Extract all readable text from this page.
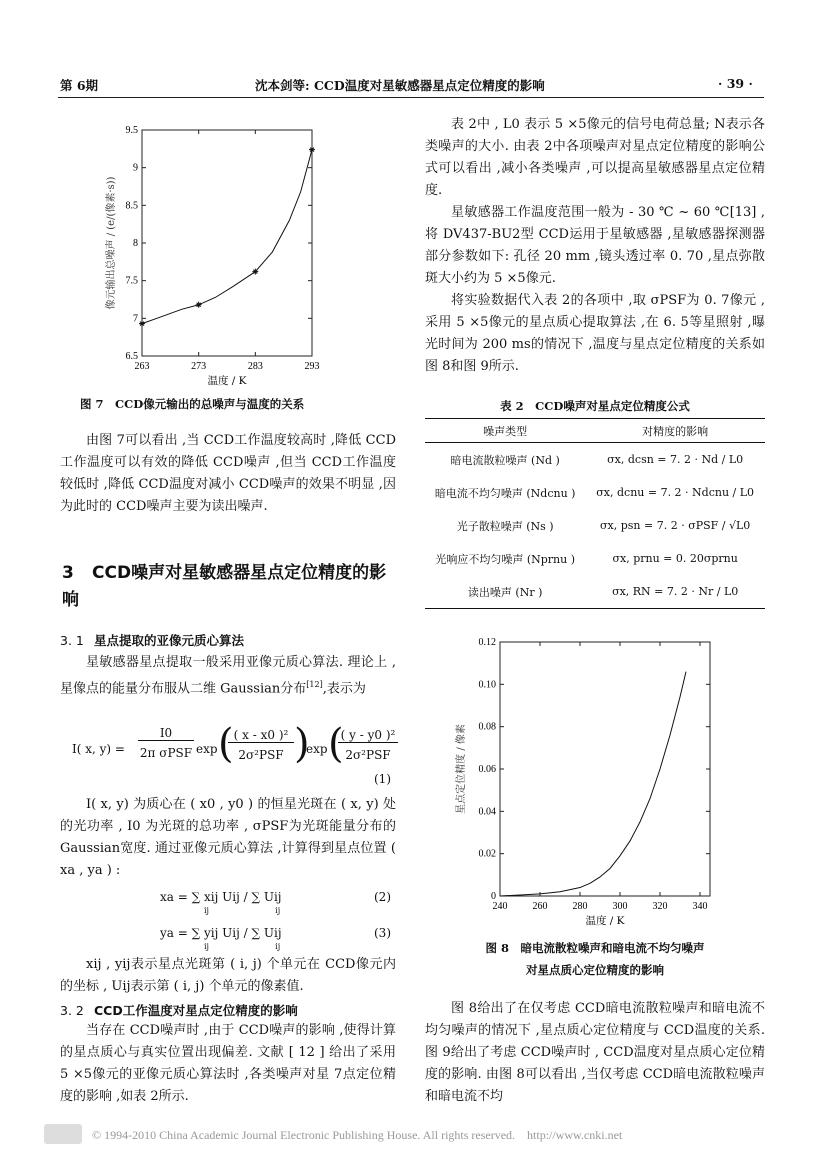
第 6期	沈本剑等: CCD温度对星敏感器星点定位精度的影响	· 39 ·
263	273	283	293
6.5
7
7.5
8
8.5
9
9.5
温度 / K
像元输出总噪声 / (e/(像素·s))
图 7　CCD像元输出的总噪声与温度的关系

由图 7可以看出 ,当 CCD工作温度较高时 ,降低 CCD工作温度可以有效的降低 CCD噪声 ,但当 CCD工作温度较低时 ,降低 CCD温度对减小 CCD噪声的效果不明显 ,因为此时的 CCD噪声主要为读出噪声.

3 CCD噪声对星敏感器星点定位精度的影响
3. 1 星点提取的亚像元质心算法

星敏感器星点提取一般采用亚像元质心算法. 理论上 ,星像点的能量分布服从二维 Gaussian分布[12],表示为

I( x, y) =
I0
2π σPSF exp ( ( x - x0 )²
2σ²PSF )
exp (
( y - y0 )²
2σ²PSF
(1)

I( x, y) 为质心在 ( x0 , y0 ) 的恒星光斑在 ( x, y) 处的光功率 , I0 为光斑的总功率 , σPSF为光斑能量分布的 Gaussian宽度. 通过亚像元质心算法 ,计算得到星点位置 ( xa , ya ) :

xa = ∑ xij Uij / ∑ Uij
ij                          ij
(2)
ya = ∑ yij Uij / ∑ Uij
ij                          ij
(3)

xij , yij表示星点光斑第 ( i, j) 个单元在 CCD像元内的坐标 , Uij表示第 ( i, j) 个单元的像素值.

3. 2 CCD工作温度对星点定位精度的影响

当存在 CCD噪声时 ,由于 CCD噪声的影响 ,使得计算的星点质心与真实位置出现偏差. 文献 [ 12 ] 给出了采用 5 ×5像元的亚像元质心算法时 ,各类噪声对星 7点定位精度的影响 ,如表 2所示.

表 2中 , L0 表示 5 ×5像元的信号电荷总量; N表示各类噪声的大小. 由表 2中各项噪声对星点定位精度的影响公式可以看出 ,减小各类噪声 ,可以提高星敏感器星点定位精度.

星敏感器工作温度范围一般为 - 30 ℃ ~ 60 ℃[13] ,将 DV437-BU2型 CCD运用于星敏感器 ,星敏感器探测器部分参数如下: 孔径 20 mm ,镜头透过率 0. 70 ,星点弥散斑大小约为 5 ×5像元.

将实验数据代入表 2的各项中 ,取 σPSF为 0. 7像元 ,采用 5 ×5像元的星点质心提取算法 ,在 6. 5等星照射 ,曝光时间为 200 ms的情况下 ,温度与星点定位精度的关系如图 8和图 9所示.

表 2　CCD噪声对星点定位精度公式
噪声类型	对精度的影响
暗电流散粒噪声 (Nd )	σx, dcsn = 7. 2 · Nd / L0
暗电流不均匀噪声 (Ndcnu )	σx, dcnu = 7. 2 · Ndcnu / L0
光子散粒噪声 (Ns )	σx, psn = 7. 2 · σPSF / √L0
光响应不均匀噪声 (Nprnu )	σx, prnu = 0. 20σprnu
读出噪声 (Nr )	σx, RN = 7. 2 · Nr / L0
240	260	280	300	320	340
0
0.02
0.04
0.06
0.08
0.10
0.12
温度 / K
星点定位精度 / 像素
图 8　暗电流散粒噪声和暗电流不均匀噪声
对星点质心定位精度的影响

图 8给出了在仅考虑 CCD暗电流散粒噪声和暗电流不均匀噪声的情况下 ,星点质心定位精度与 CCD温度的关系. 图 9给出了考虑 CCD噪声时 , CCD温度对星点质心定位精度的影响. 由图 8可以看出 ,当仅考虑 CCD暗电流散粒噪声和暗电流不均

© 1994-2010 China Academic Journal Electronic Publishing House. All rights reserved.    http://www.cnki.net
